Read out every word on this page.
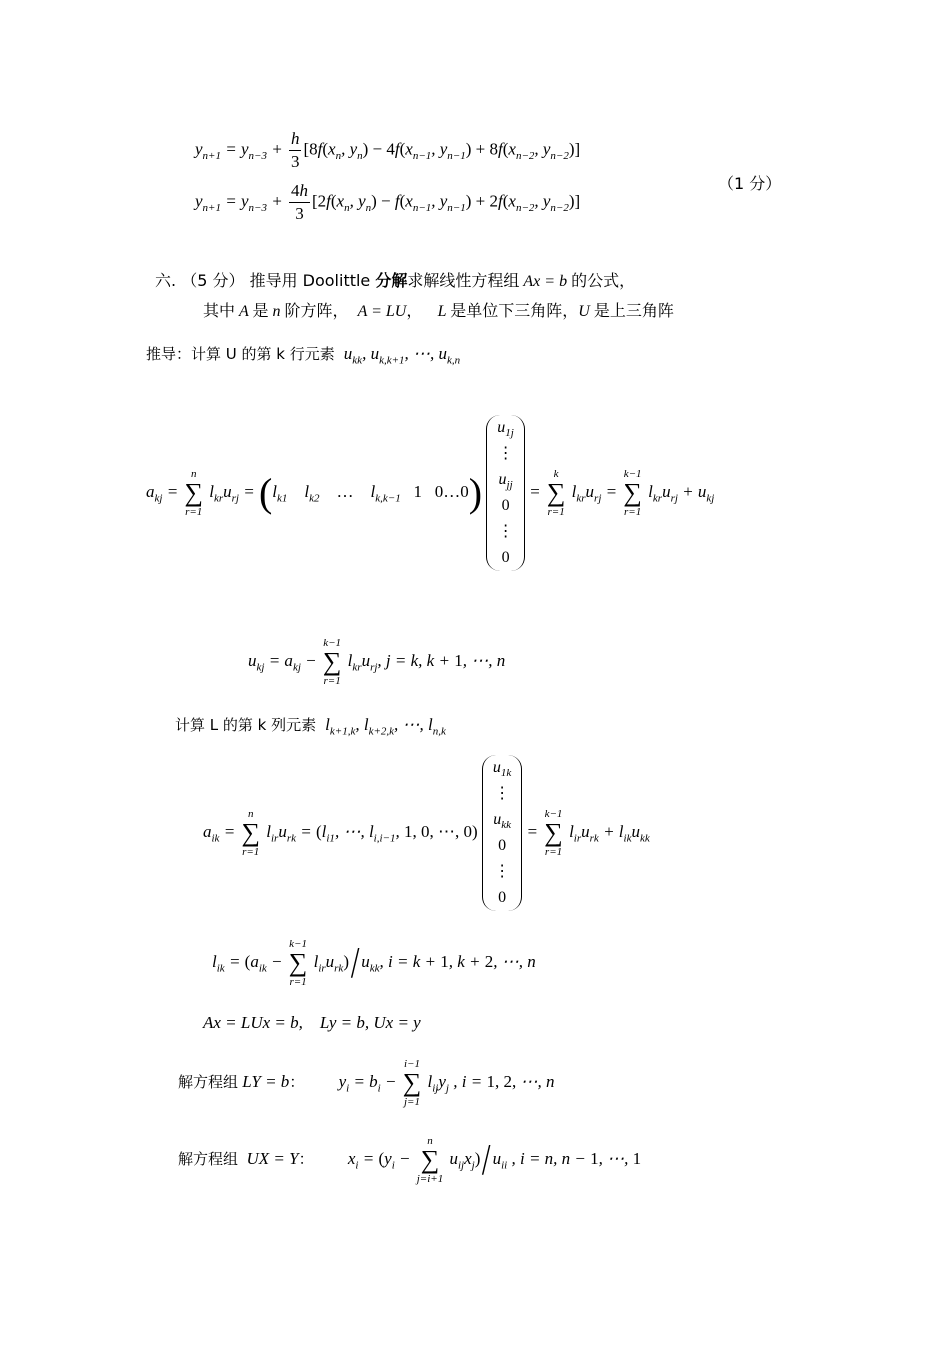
$y_{n+1} = y_{n-3} + \frac{h}{3} [8f(x_n$, $y_n) - 4f(x_{n-1}$, $y_{n-1}) + 8f(x_{n-2}$, $y_{n-2}$)]
$y_{n+1} = y_{n-3} + \frac{4h}{3} [2f(x_n$, $y_n) - f(x_{n-1}$, $y_{n-1}) + 2f(x_{n-2}$, $y_{n-2}$)]
（1 分）
六. （5 分） 推导用 Doolittle 分解求解线性方程组 Ax = b 的公式，
其中 A 是 n 阶方阵，  A = LU，   L 是单位下三角阵，U 是上三角阵
推导：计算 U 的第 k 行元素  $u_{kk}$, $u_{k,k+1}$, ⋯, $u_{k,n}$
$a_{kj}$ =
n
∑
r=1
$l_{kr}u_{rj} = (l_{k1}$    $l_{k2}$ …    $l_{k,k-1}$ 1   0…0)
$u_{1j}$
⋮
$u_{jj}$
0
⋮
0
=
k
∑
r=1
$l_{kr}u_{rj}$ =
k−1
∑
r=1
$l_{kr}u_{rj} + u_{kj}$
$u_{kj} = a_{kj}$ −
k−1
∑
r=1
$l_{kr}u_{rj}$, j = k, k + 1, ⋯, n
计算 L 的第 k 列元素  $l_{k+1,k}$, $l_{k+2,k}$, ⋯, $l_{n,k}$
$a_{ik}$ =
n
∑
r=1
$l_{ir}u_{rk} = (l_{i1}$, ⋯, $l_{i,i-1}$, 1, 0, ⋯, 0)
$u_{1k}$
⋮
$u_{kk}$
0
⋮
0
=
k−1
∑
r=1
$l_{ir}u_{rk} + l_{ik}u_{kk}$
$l_{ik} = (a_{ik}$ −
k−1
∑
r=1
$l_{ir}u_{rk})/$ $u_{kk}$, i = k + 1, k + 2, ⋯, n
Ax = LUx = b,    Ly = b, Ux = y
解方程组 LY = b： $y_i = b_i$ −
i−1
∑
j=1
$l_{ij}y_j$ , i = 1, 2, ⋯, n
解方程组  UX = Y： $x_i = (y_i$ −
n
∑
j=i+1
$u_{ij}x_j)/$ $u_{ii}$ , i = n, n − 1, ⋯, 1
